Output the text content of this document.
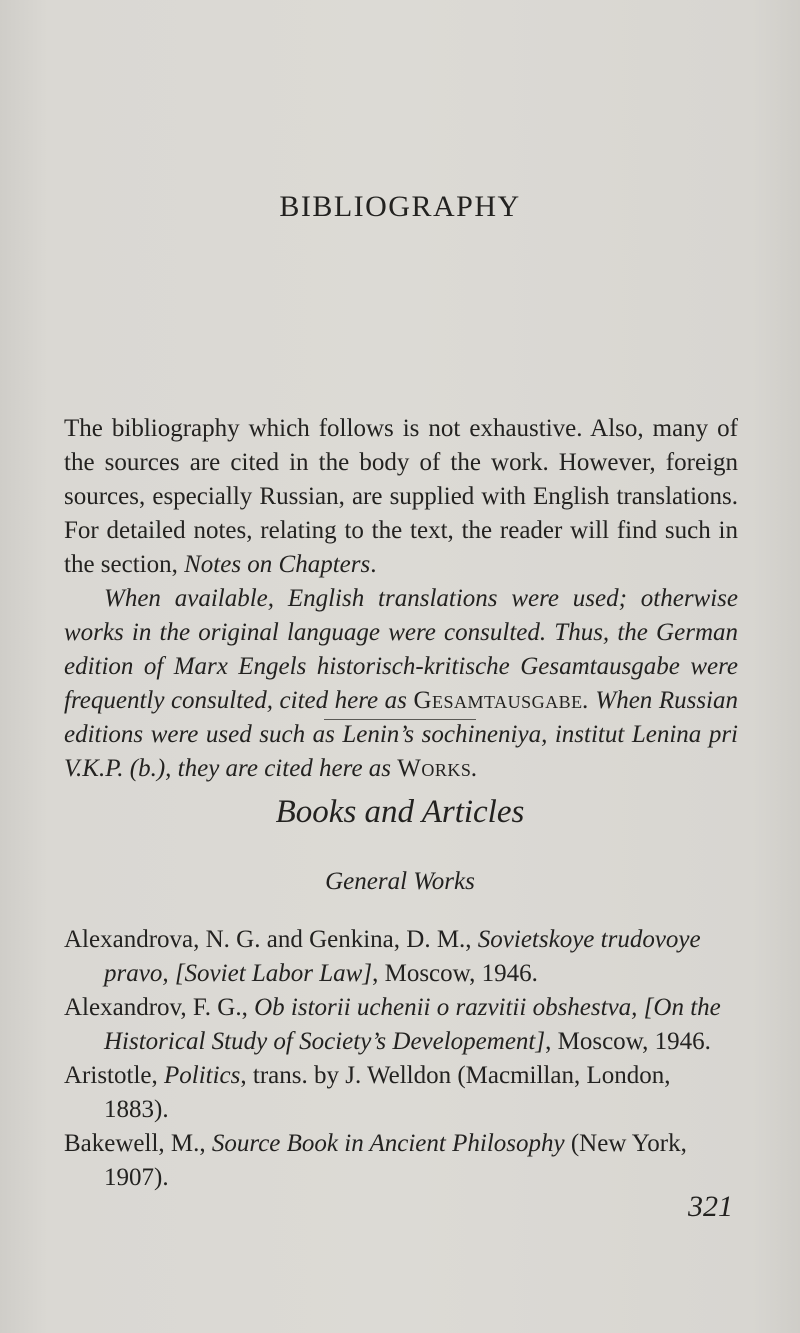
BIBLIOGRAPHY

The bibliography which follows is not exhaustive. Also, many of the sources are cited in the body of the work. However, foreign sources, especially Russian, are supplied with English translations. For detailed notes, relating to the text, the reader will find such in the section, Notes on Chapters.

When available, English translations were used; otherwise works in the original language were consulted. Thus, the German edition of Marx Engels historisch-kritische Gesamtausgabe were frequently consulted, cited here as Gesamtausgabe. When Russian editions were used such as Lenin’s sochineniya, institut Lenina pri V.K.P. (b.), they are cited here as Works.

Books and Articles
General Works
Alexandrova, N. G. and Genkina, D. M., Sovietskoye trudovoye pravo, [Soviet Labor Law], Moscow, 1946.
Alexandrov, F. G., Ob istorii uchenii o razvitii obshestva, [On the Historical Study of Society’s Developement], Moscow, 1946.
Aristotle, Politics, trans. by J. Welldon (Macmillan, London, 1883).
Bakewell, M., Source Book in Ancient Philosophy (New York, 1907).
321
